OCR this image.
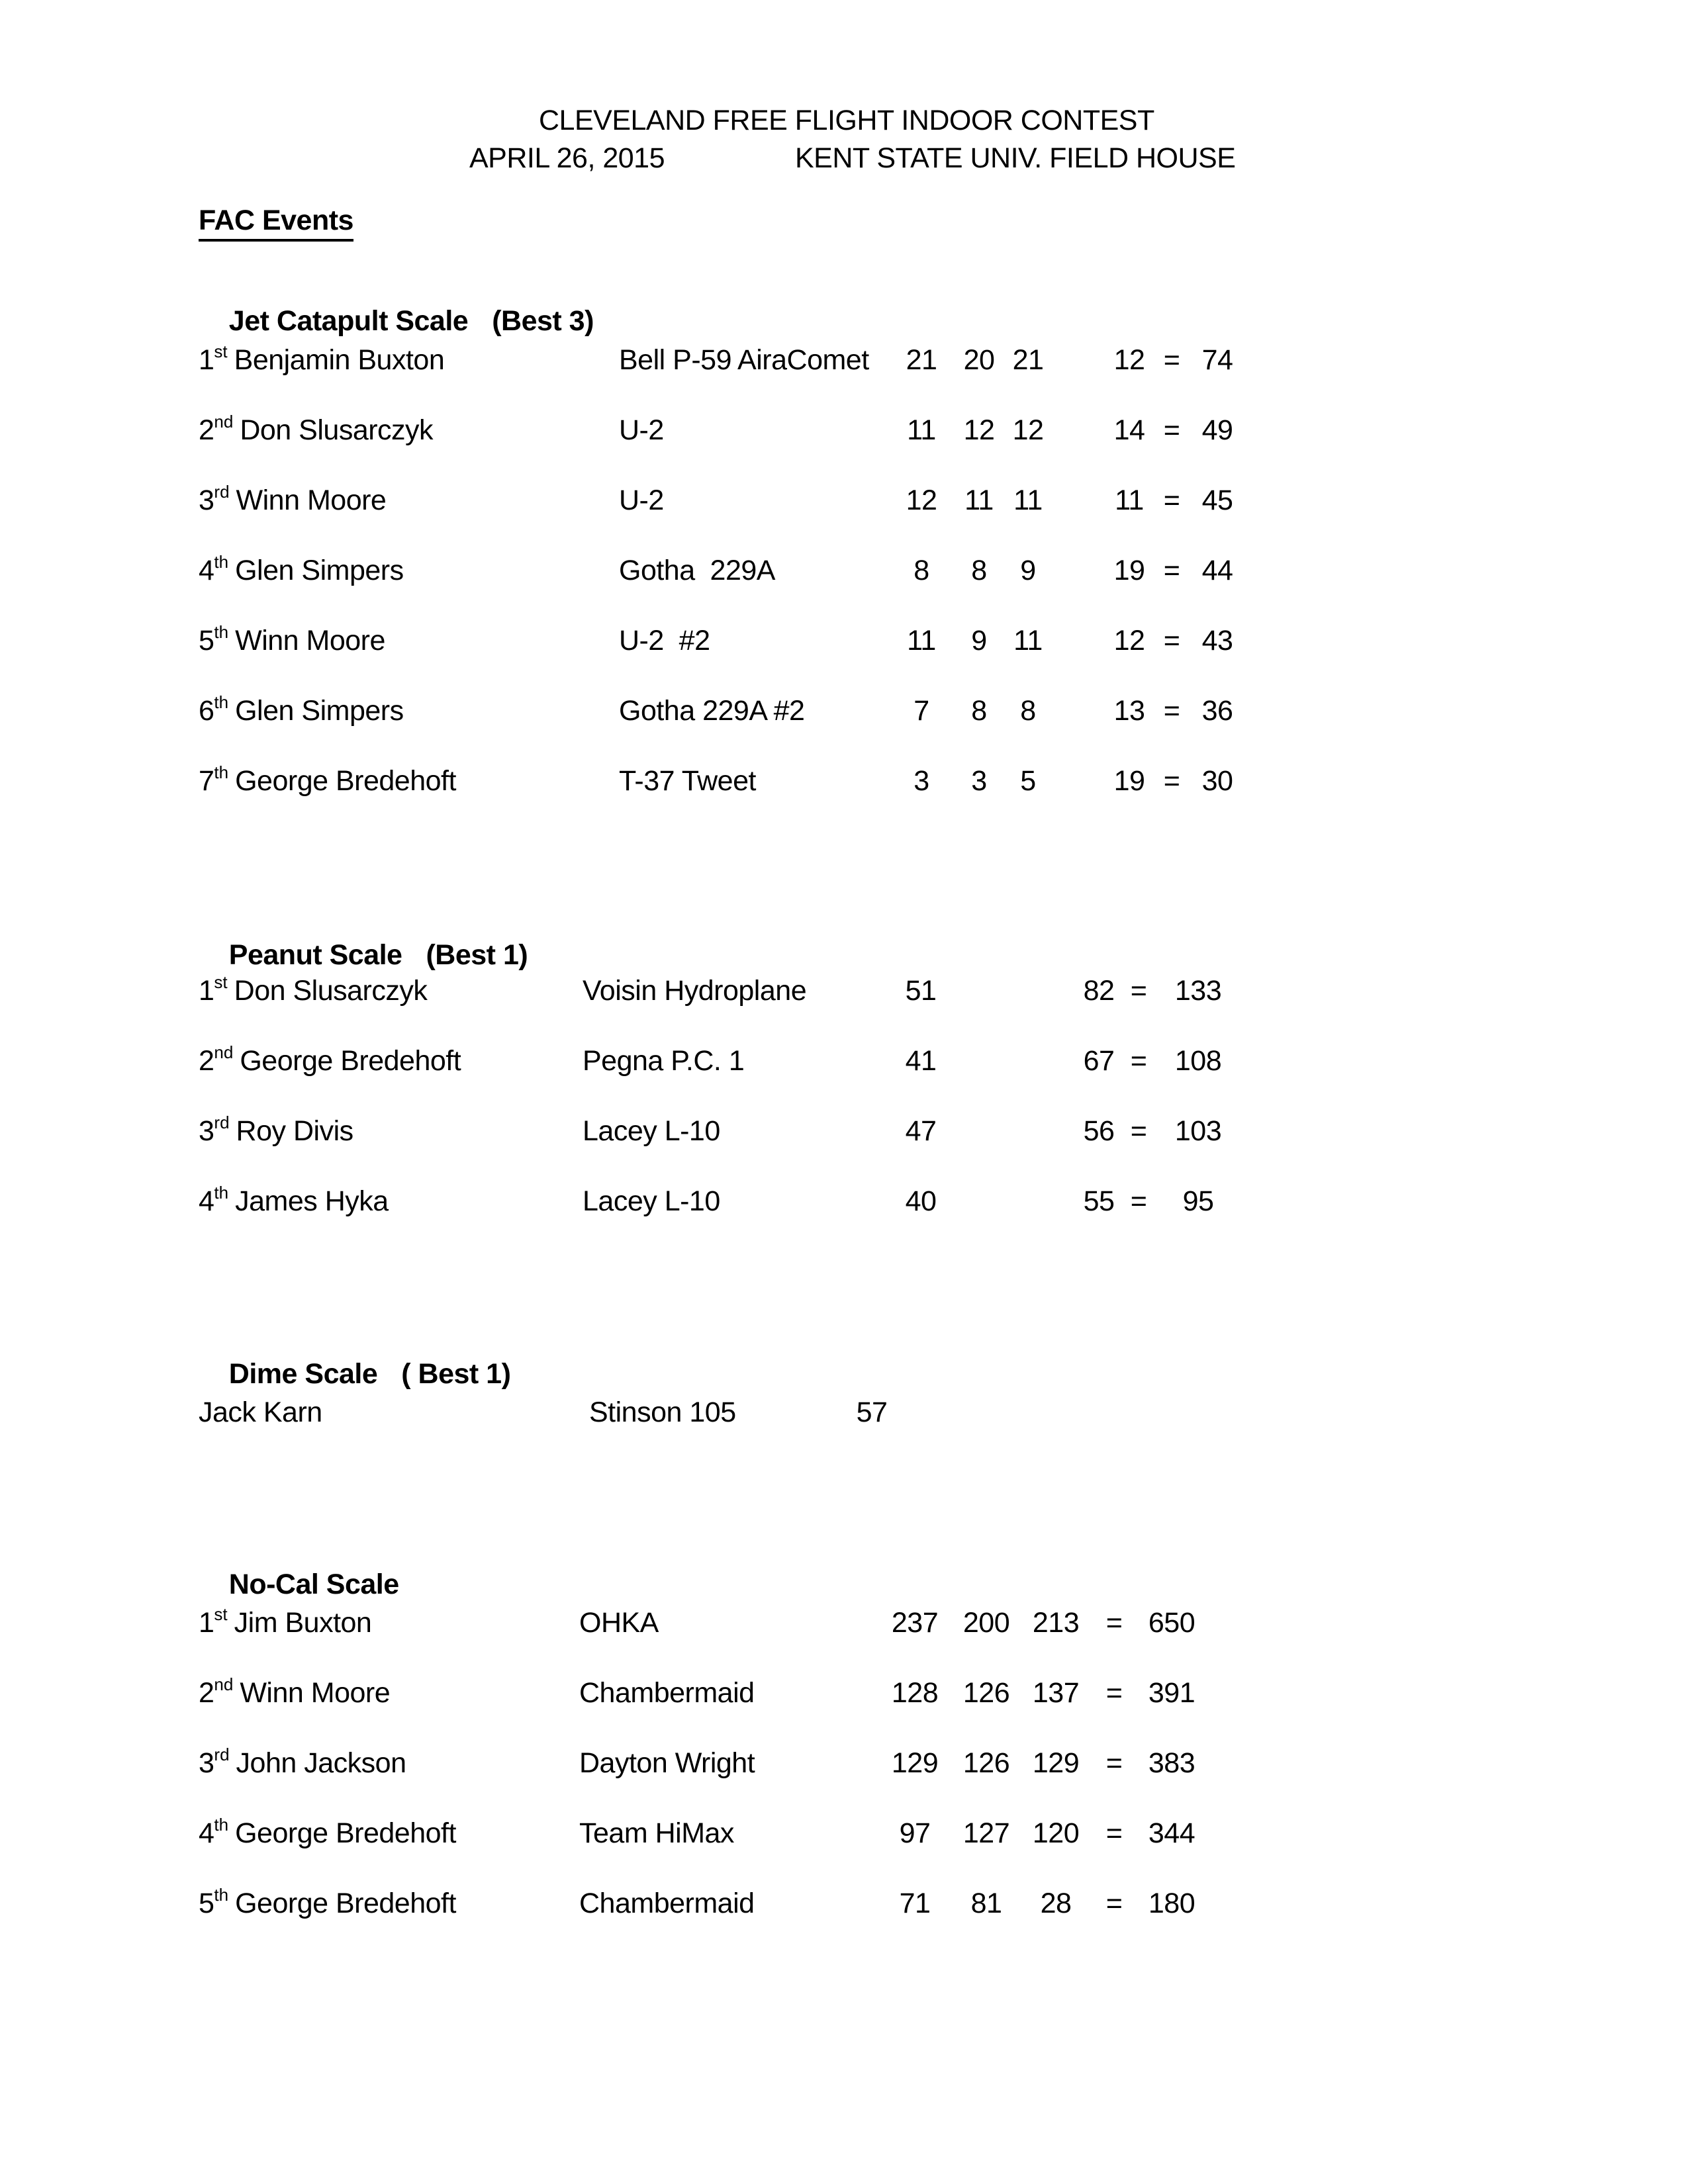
CLEVELAND FREE FLIGHT INDOOR CONTEST
APRIL 26, 2015	KENT STATE UNIV. FIELD HOUSE
FAC Events

Jet Catapult Scale (Best 3)

1st Benjamin Buxton	Bell P-59 AiraComet	21 20 21	12 = 74
2nd Don Slusarczyk	U-2	11 12 12	14 = 49
3rd Winn Moore	U-2	12 11 11	11 = 45
4th Glen Simpers	Gotha  229A	8	8	9	19 = 44
5th Winn Moore	U-2  #2	11	9 11	12 = 43
6th Glen Simpers	Gotha 229A #2	7	8	8	13 = 36
7th George Bredehoft	T-37 Tweet	3	3	5	19 = 30

Peanut Scale (Best 1)

1st Don Slusarczyk	Voisin Hydroplane	51	82 = 133
2nd George Bredehoft	Pegna P.C. 1	41	67 = 108
3rd Roy Divis	Lacey L-10	47	56 = 103
4th James Hyka	Lacey L-10	40	55 =	95

Dime Scale ( Best 1)

Jack Karn	Stinson 105	57

No-Cal Scale

1st Jim Buxton	OHKA	237 200 213 = 650
2nd Winn Moore	Chambermaid	128 126 137 = 391
3rd John Jackson	Dayton Wright	129 126 129 = 383
4th George Bredehoft	Team HiMax	97	127 120 = 344
5th George Bredehoft	Chambermaid	71	81	28	= 180
